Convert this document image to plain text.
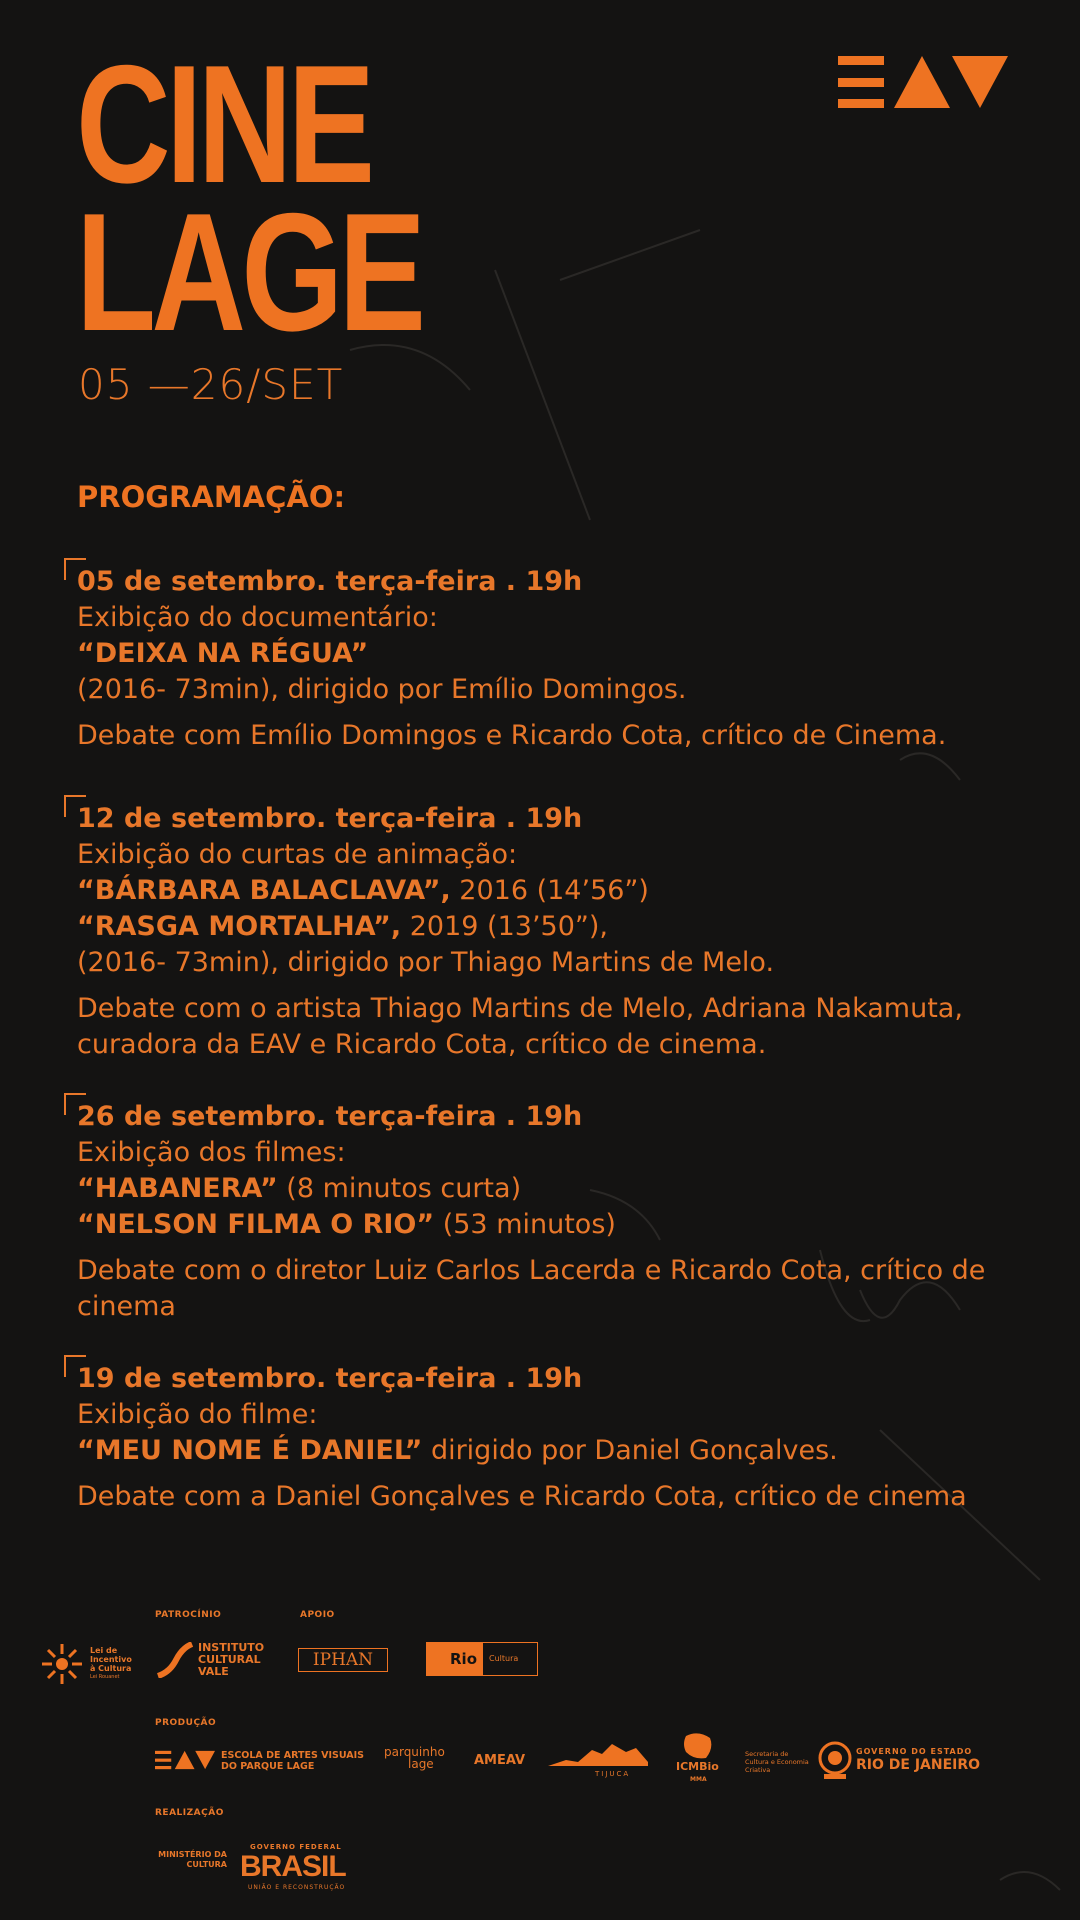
CINE
LAGE
05 —26/SET
PROGRAMAÇÃO:

05 de setembro. terça-feira . 19h

Exibição do documentário:

“DEIXA NA RÉGUA”

(2016- 73min), dirigido por Emílio Domingos.

Debate com Emílio Domingos e Ricardo Cota, crítico de Cinema.

12 de setembro. terça-feira . 19h

Exibição do curtas de animação:

“BÁRBARA BALACLAVA”, 2016 (14’56”)

“RASGA MORTALHA”, 2019 (13’50”),

(2016- 73min), dirigido por Thiago Martins de Melo.

Debate com o artista Thiago Martins de Melo, Adriana Nakamuta,

curadora da EAV e Ricardo Cota, crítico de cinema.

26 de setembro. terça-feira . 19h

Exibição dos filmes:

“HABANERA” (8 minutos curta)

“NELSON FILMA O RIO” (53 minutos)

Debate com o diretor Luiz Carlos Lacerda e Ricardo Cota, crítico de

cinema

19 de setembro. terça-feira . 19h

Exibição do filme:

“MEU NOME É DANIEL” dirigido por Daniel Gonçalves.

Debate com a Daniel Gonçalves e Ricardo Cota, crítico de cinema

PATROCÍNIO	APOIO
Lei de
Incentivo
à Cultura
Lei Rouanet
INSTITUTO
CULTURAL
VALE
IPHAN	Rio	Cultura
PRODUÇÃO
ESCOLA DE ARTES VISUAIS
DO PARQUE LAGE
parquinho
lage	AMEAV
TIJUCA
ICMBio
MMA
Secretaria de
Cultura e Economia
Criativa
GOVERNO DO ESTADO
RIO DE JANEIRO
REALIZAÇÃO
MINISTÉRIO DA
CULTURA
GOVERNO FEDERAL
BRASIL
UNIÃO E RECONSTRUÇÃO
